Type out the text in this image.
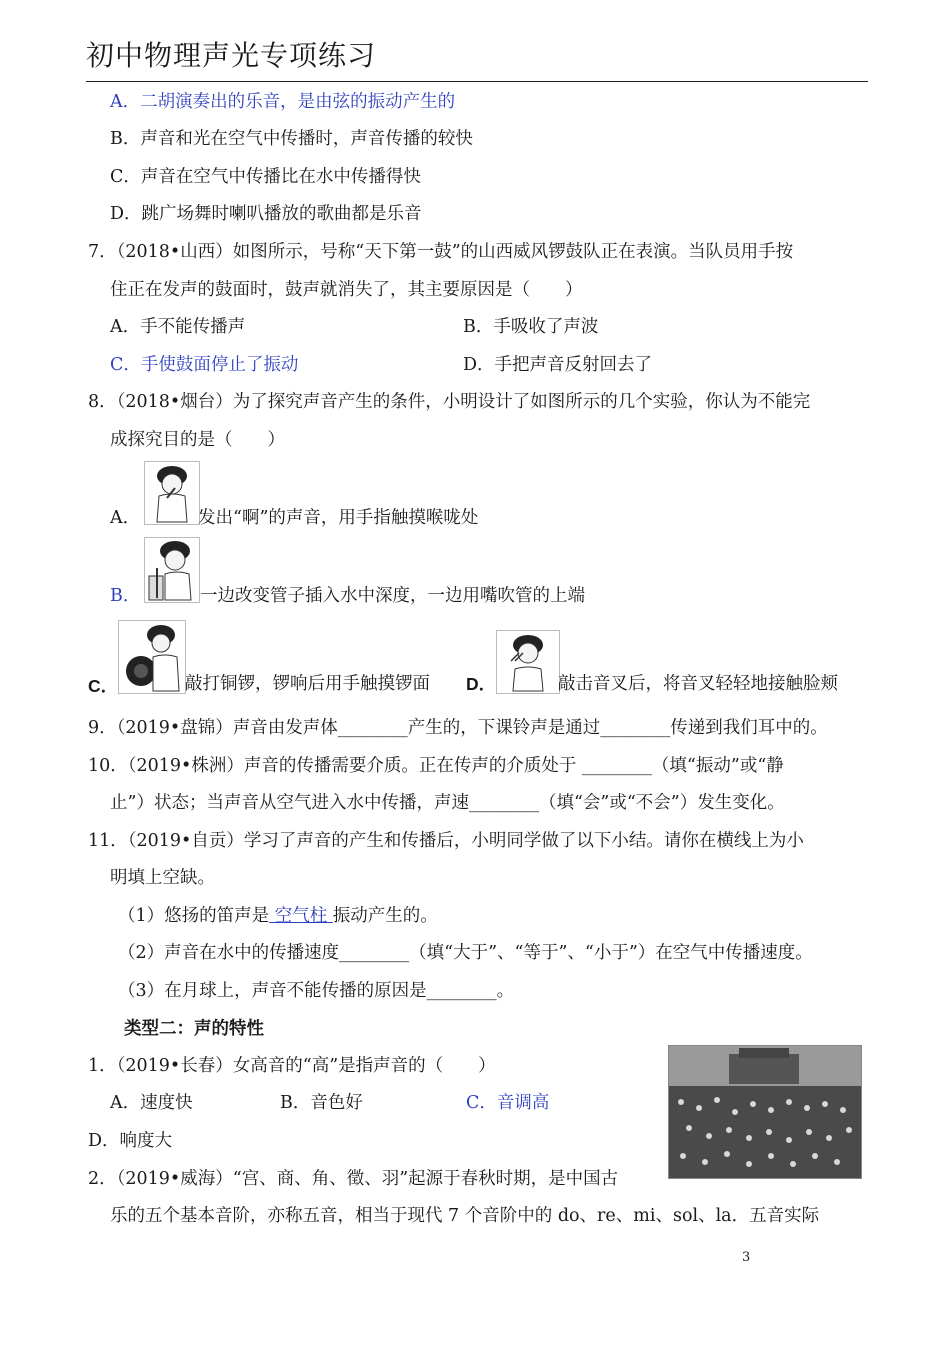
初中物理声光专项练习
A．二胡演奏出的乐音，是由弦的振动产生的
B．声音和光在空气中传播时，声音传播的较快
C．声音在空气中传播比在水中传播得快
D．跳广场舞时喇叭播放的歌曲都是乐音
7．（2018•山西）如图所示，号称“天下第一鼓”的山西威风锣鼓队正在表演。当队员用手按
住正在发声的鼓面时，鼓声就消失了，其主要原因是（　　）
A．手不能传播声	B．手吸收了声波
C．手使鼓面停止了振动	D．手把声音反射回去了
8．（2018•烟台）为了探究声音产生的条件，小明设计了如图所示的几个实验，你认为不能完
成探究目的是（　　）
A．	发出“啊”的声音，用手指触摸喉咙处
B．	一边改变管子插入水中深度，一边用嘴吹管的上端
C．	敲打铜锣，锣响后用手触摸锣面 D．	敲击音叉后，将音叉轻轻地接触脸颊
9．（2019•盘锦）声音由发声体________产生的，下课铃声是通过________传递到我们耳中的。
10．（2019•株洲）声音的传播需要介质。正在传声的介质处于 ________（填“振动”或“静
止”）状态；当声音从空气进入水中传播，声速________（填“会”或“不会”）发生变化。
11．（2019•自贡）学习了声音的产生和传播后，小明同学做了以下小结。请你在横线上为小
明填上空缺。
（1）悠扬的笛声是 空气柱 振动产生的。
（2）声音在水中的传播速度________（填“大于”、“等于”、“小于”）在空气中传播速度。
（3）在月球上，声音不能传播的原因是________。
类型二：声的特性
1．（2019•长春）女高音的“高”是指声音的（　　）
A．速度快	B．音色好	C．音调高
D．响度大
2．（2019•威海）“宫、商、角、徵、羽”起源于春秋时期，是中国古
乐的五个基本音阶，亦称五音，相当于现代 7 个音阶中的 do、re、mi、sol、la．五音实际
3
